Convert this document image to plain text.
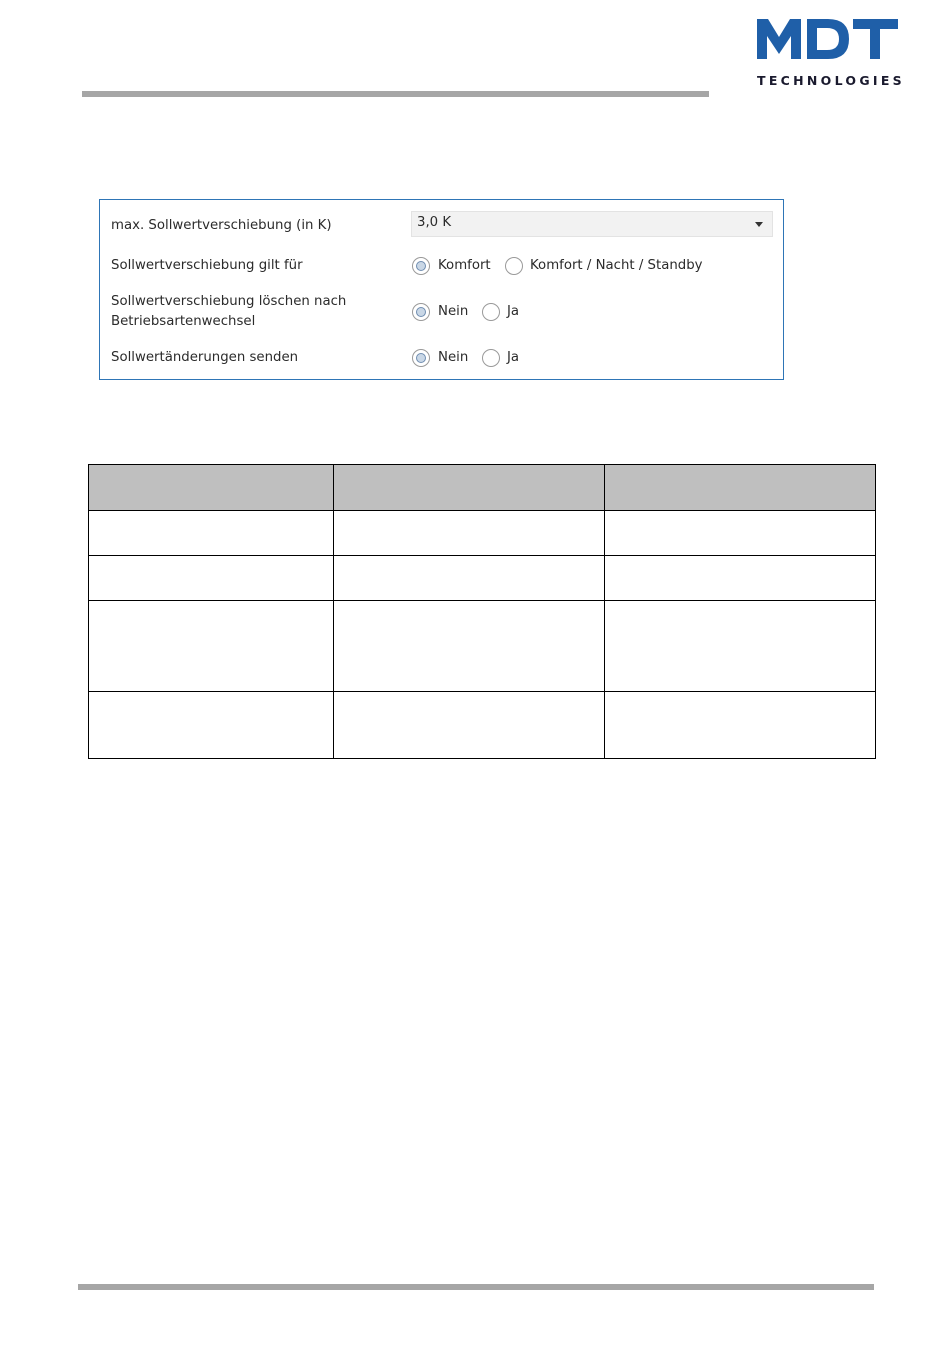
TECHNOLOGIES
max. Sollwertverschiebung (in K)	3,0 K
Sollwertverschiebung gilt für	Komfort	Komfort / Nacht / Standby
Sollwertverschiebung löschen nach
Betriebsartenwechsel
Nein	Ja
Sollwertänderungen senden	Nein	Ja
